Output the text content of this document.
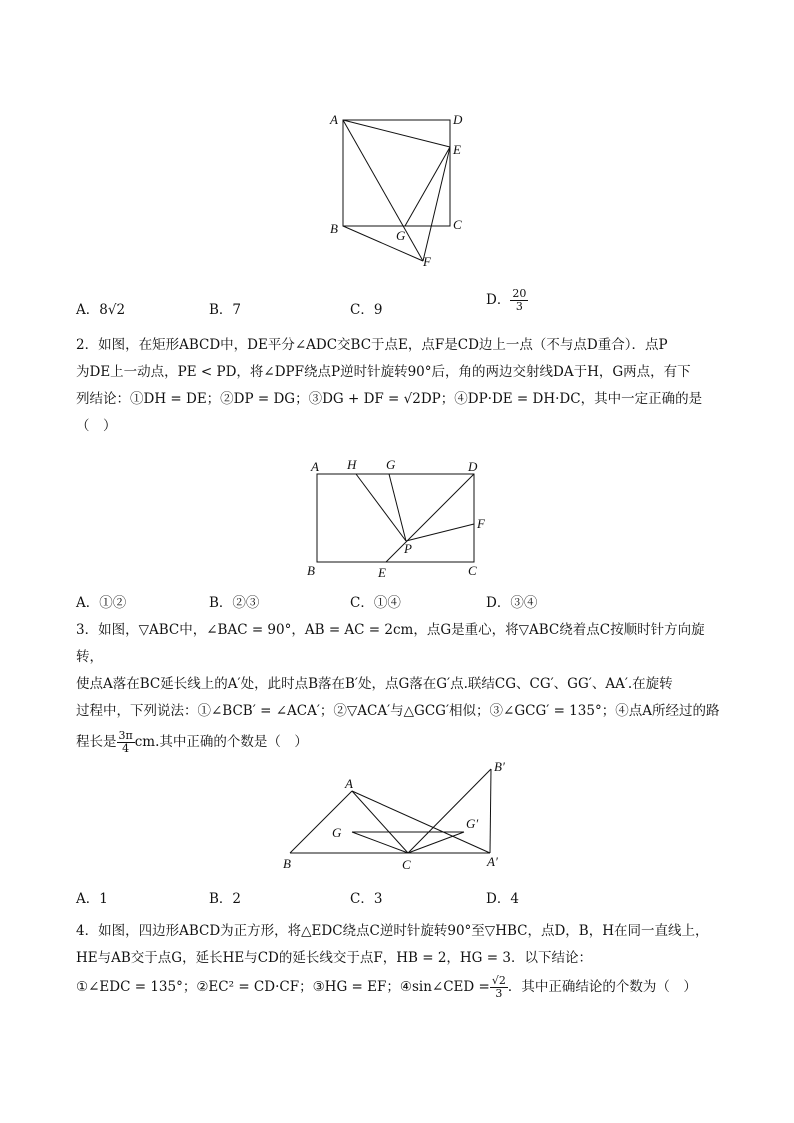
A	D
E
C
B	G
F
A．8√2	B．7	C．9
D． $\frac{20}{3}$
2．如图，在矩形ABCD中，DE平分∠ADC交BC于点E，点F是CD边上一点（不与点D重合）．点P
为DE上一动点，PE < PD，将∠DPF绕点P逆时针旋转90°后，角的两边交射线DA于H，G两点，有下
列结论：①DH = DE；②DP = DG；③DG + DF = √2DP；④DP·DE = DH·DC，其中一定正确的是
（　）
A H G	D
F
P
B	E	C
A．①②	B．②③	C．①④	D．③④
3．如图，▽ABC中，∠BAC = 90°，AB = AC = 2cm，点G是重心，将▽ABC绕着点C按顺时针方向旋转，
使点A落在BC延长线上的A′处，此时点B落在B′处，点G落在G′点.联结CG、CG′、GG′、AA′.在旋转
过程中，下列说法：①∠BCB′ = ∠ACA′；②▽ACA′与△GCG′相似；③∠GCG′ = 135°；④点A所经过的路
程长是 $\frac{3\pi}{4}$ cm.其中正确的个数是（　）
B′
A
G
G′
B	C	A′
A．1	B．2	C．3	D．4
4．如图，四边形ABCD为正方形，将△EDC绕点C逆时针旋转90°至▽HBC，点D，B，H在同一直线上，
HE与AB交于点G，延长HE与CD的延长线交于点F，HB = 2，HG = 3．以下结论：
①∠EDC = 135°；②EC² = CD·CF；③HG = EF；④sin∠CED = $\frac{√2}{3}$ ．其中正确结论的个数为（　）
